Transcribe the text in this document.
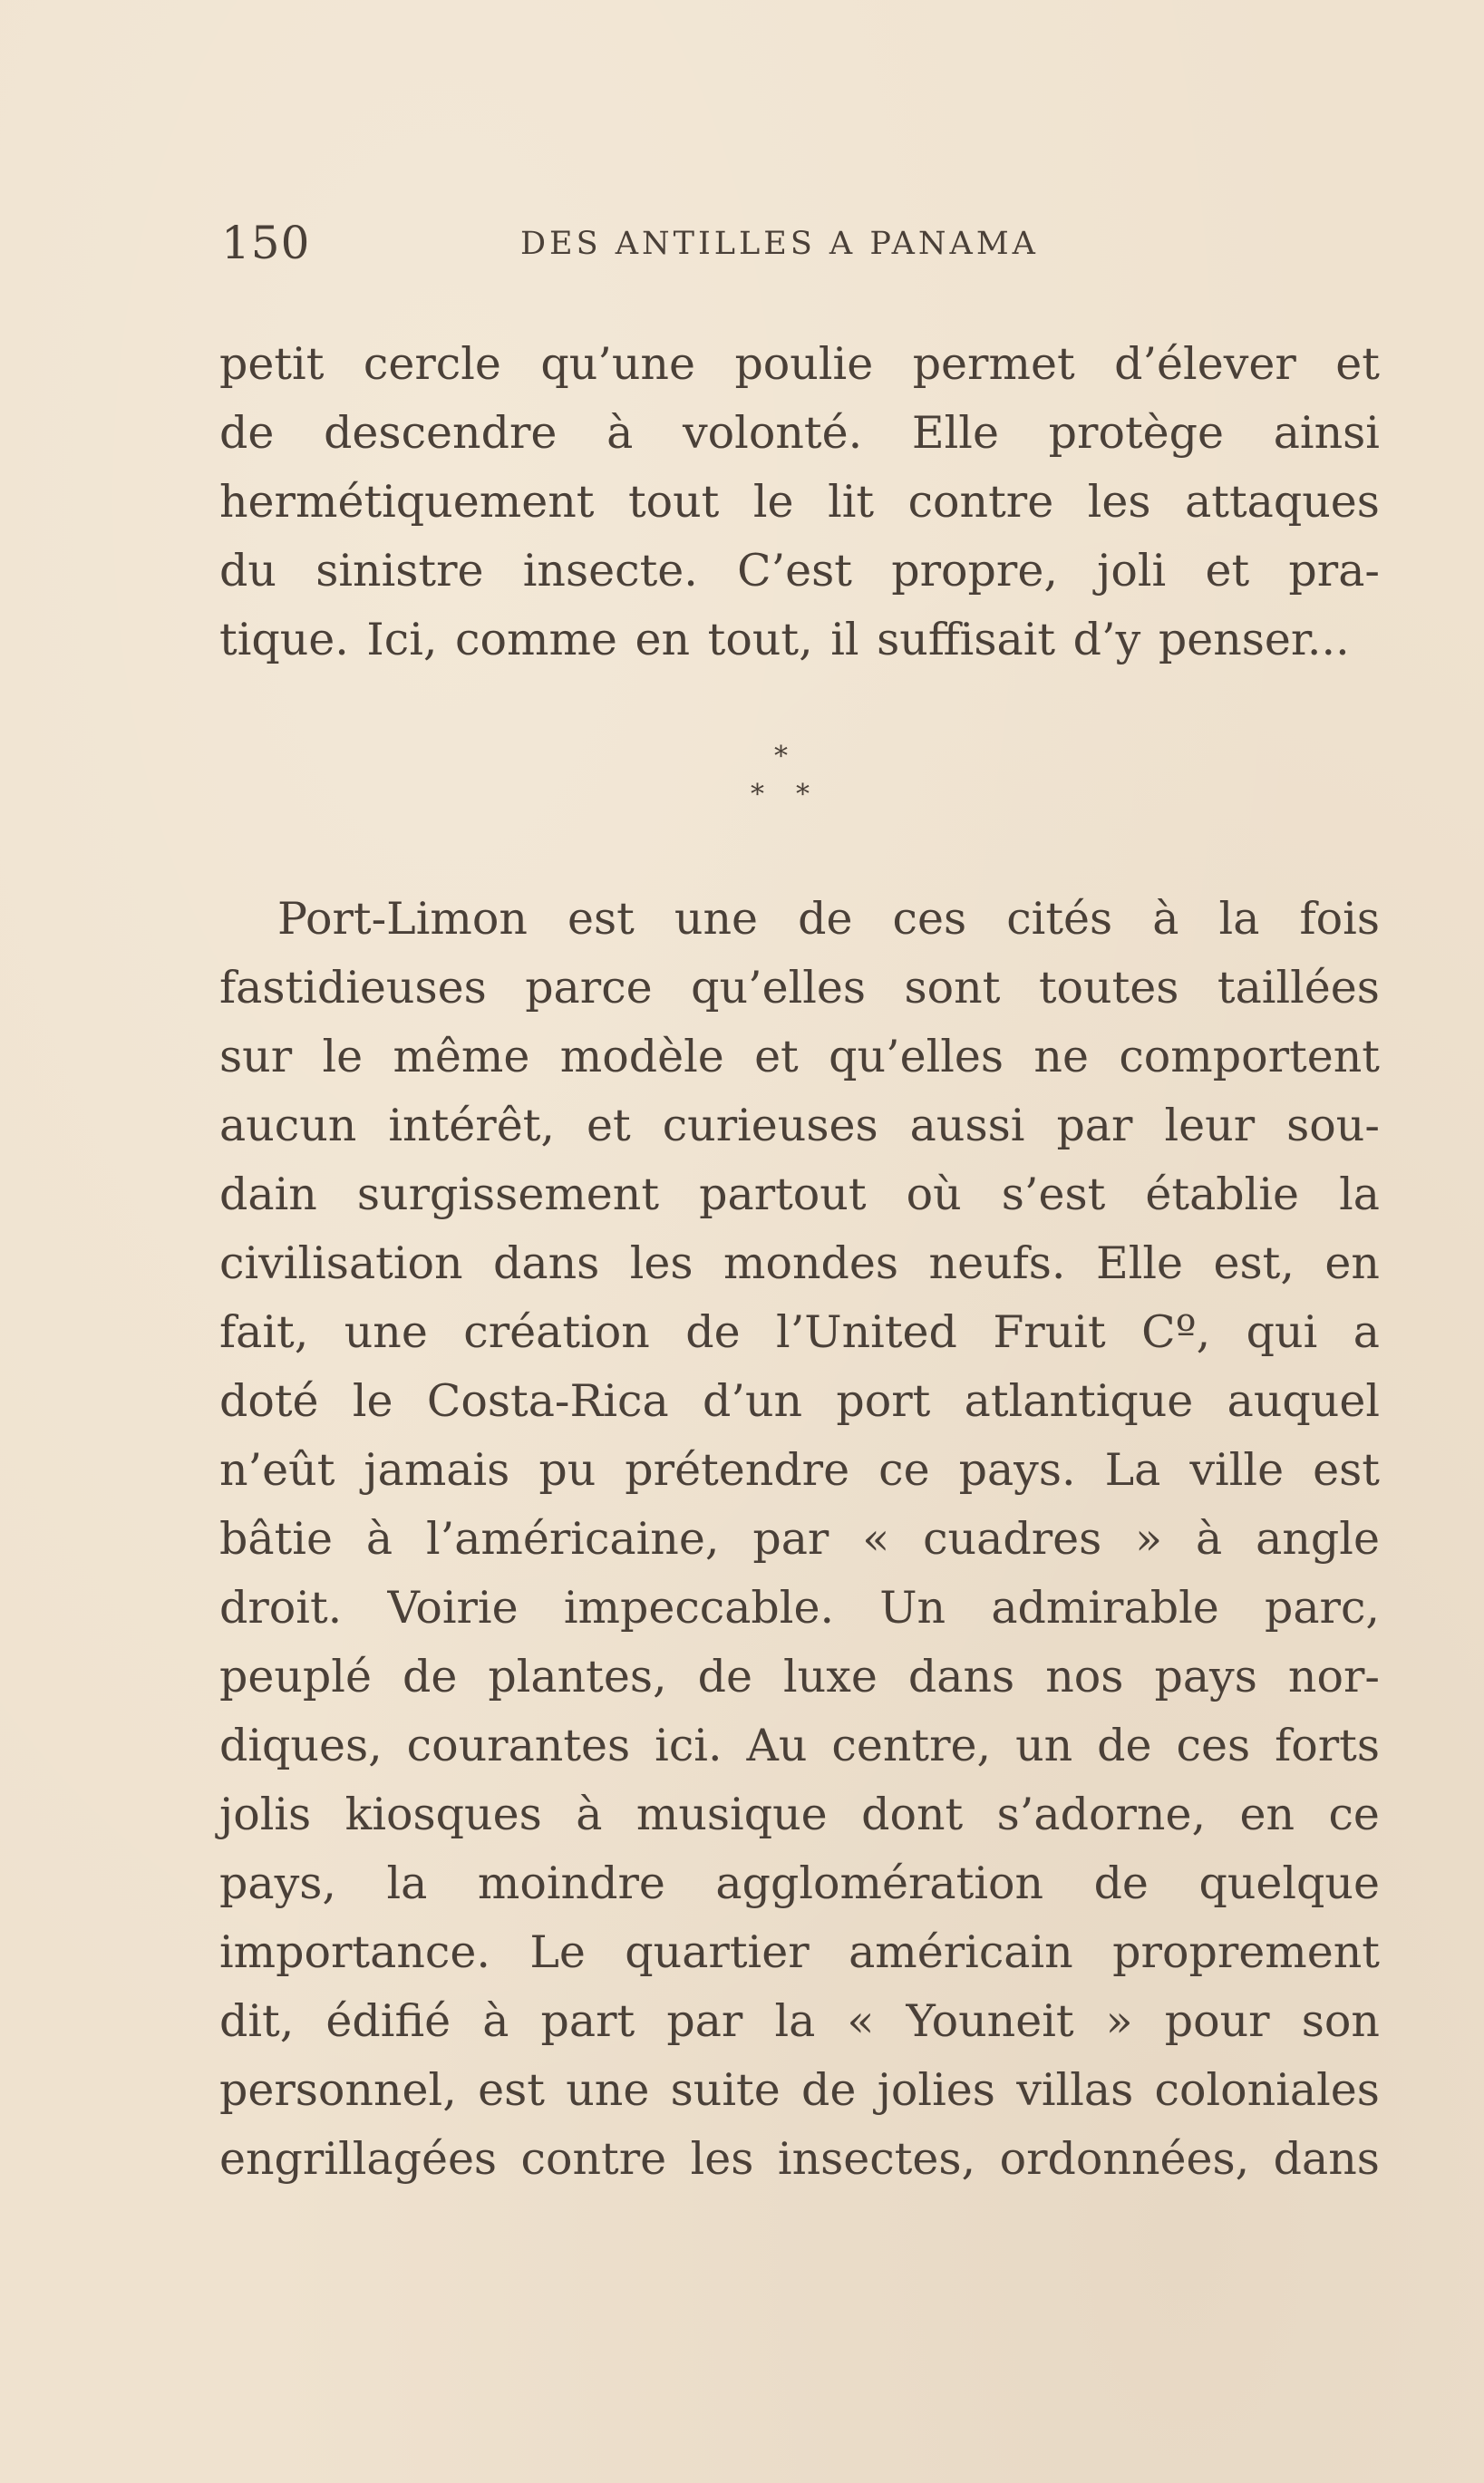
150	DES ANTILLES A PANAMA
petit cercle qu’une poulie permet d’élever et
de descendre à volonté. Elle protège ainsi
hermétiquement tout le lit contre les attaques
du sinistre insecte. C’est propre, joli et pra-
tique. Ici, comme en tout, il suffisait d’y penser...
*
* *
Port-Limon est une de ces cités à la fois
fastidieuses parce qu’elles sont toutes taillées
sur le même modèle et qu’elles ne comportent
aucun intérêt, et curieuses aussi par leur sou-
dain surgissement partout où s’est établie la
civilisation dans les mondes neufs. Elle est, en
fait, une création de l’United Fruit Cº, qui a
doté le Costa-Rica d’un port atlantique auquel
n’eût jamais pu prétendre ce pays. La ville est
bâtie à l’américaine, par « cuadres » à angle
droit. Voirie impeccable. Un admirable parc,
peuplé de plantes, de luxe dans nos pays nor-
diques, courantes ici. Au centre, un de ces forts
jolis kiosques à musique dont s’adorne, en ce
pays, la moindre agglomération de quelque
importance. Le quartier américain proprement
dit, édifié à part par la « Youneit » pour son
personnel, est une suite de jolies villas coloniales
engrillagées contre les insectes, ordonnées, dans
